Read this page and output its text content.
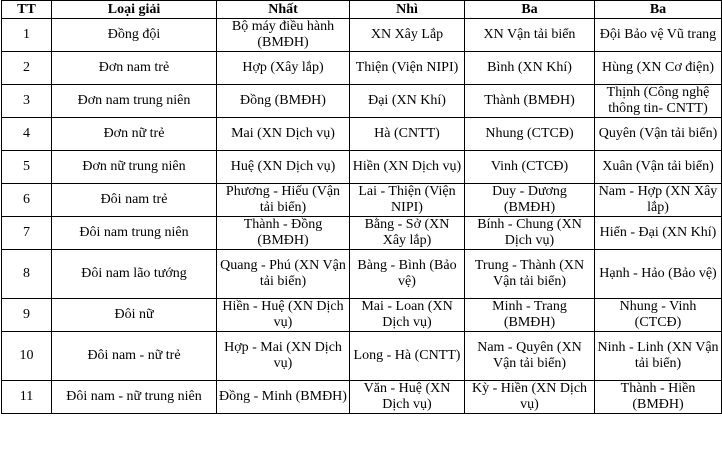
TT	Loại giải	Nhất	Nhì	Ba	Ba
1	Đồng đội	Bộ máy điều hành (BMĐH)	XN Xây Lắp	XN Vận tải biển	Đội Bảo vệ Vũ trang
2	Đơn nam trẻ	Hợp (Xây lắp)	Thiện (Viện NIPI)	Bình (XN Khí)	Hùng (XN Cơ điện)
3	Đơn nam trung niên	Đồng (BMĐH)	Đại (XN Khí)	Thành (BMĐH)	Thịnh (Công nghệ thông tin- CNTT)
4	Đơn nữ trẻ	Mai (XN Dịch vụ)	Hà (CNTT)	Nhung (CTCĐ)	Quyên (Vận tải biển)
5	Đơn nữ trung niên	Huệ (XN Dịch vụ)	Hiền (XN Dịch vụ)	Vinh (CTCĐ)	Xuân (Vận tải biển)
6	Đôi nam trẻ	Phương - Hiếu (Vận tải biển)	Lai - Thiện (Viện NIPI)	Duy - Dương (BMĐH)	Nam - Hợp (XN Xây lắp)
7	Đôi nam trung niên	Thành - Đồng (BMĐH)	Bằng - Sở (XN Xây lắp)	Bính - Chung (XN Dịch vụ)	Hiển - Đại (XN Khí)
8	Đôi nam lão tướng	Quang - Phú (XN Vận tải biển)	Bàng - Bình (Bảo vệ)	Trung - Thành (XN Vận tải biển)	Hạnh - Hảo (Bảo vệ)
9	Đôi nữ	Hiền - Huệ (XN Dịch vụ)	Mai - Loan (XN Dịch vụ)	Minh - Trang (BMĐH)	Nhung - Vinh (CTCĐ)
10	Đôi nam - nữ trẻ	Hợp - Mai (XN Dịch vụ)	Long - Hà (CNTT)	Nam - Quyên (XN Vận tải biển)	Ninh - Linh (XN Vận tải biển)
11	Đôi nam - nữ trung niên	Đồng - Minh (BMĐH)	Văn - Huệ (XN Dịch vụ)	Kỳ - Hiền (XN Dịch vụ)	Thành - Hiền (BMĐH)
